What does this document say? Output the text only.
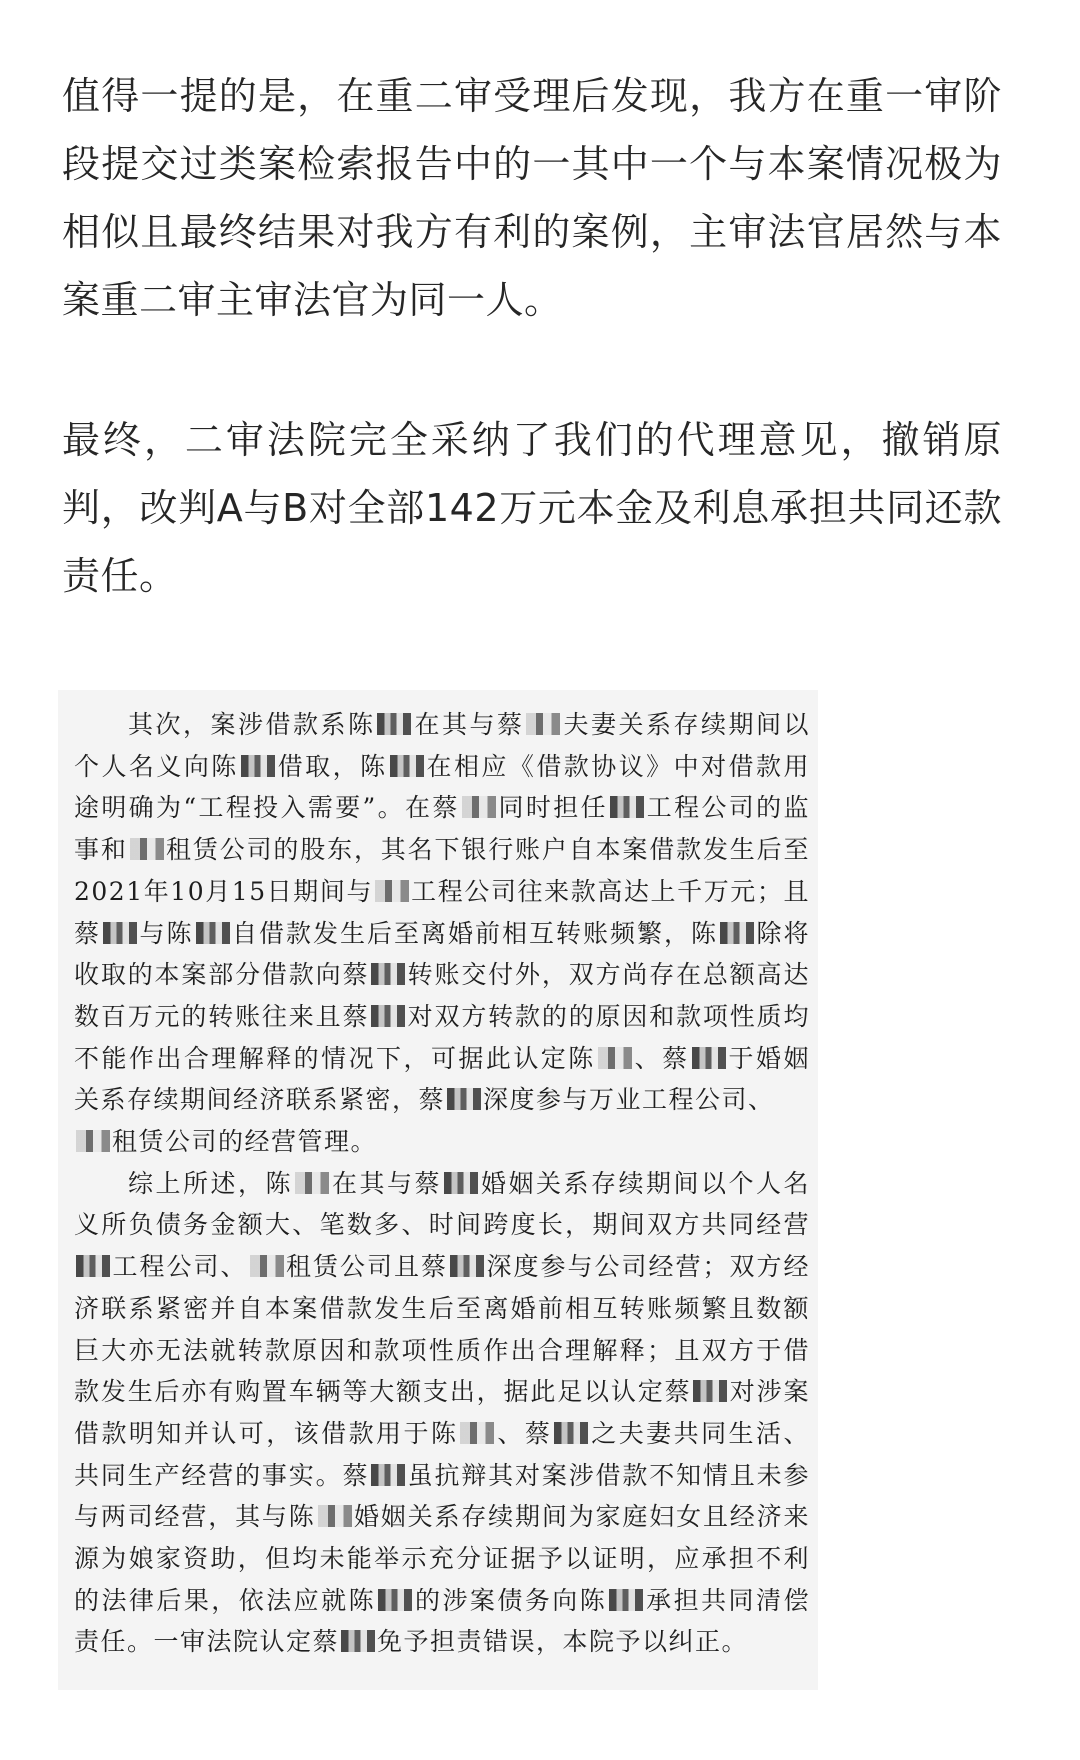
值得一提的是，在重二审受理后发现，我方在重一审阶段提交过类案检索报告中的一其中一个与本案情况极为相似且最终结果对我方有利的案例，主审法官居然与本案重二审主审法官为同一人。

最终，二审法院完全采纳了我们的代理意见，撤销原判，改判A与B对全部142万元本金及利息承担共同还款责任。

其次，案涉借款系陈 在其与蔡 夫妻关系存续期间以个人名义向陈 借取，陈 在相应《借款协议》中对借款用途明确为“工程投入需要”。在蔡 同时担任 工程公司的监事和 租赁公司的股东，其名下银行账户自本案借款发生后至2021年10月15日期间与 工程公司往来款高达上千万元；且蔡 与陈 自借款发生后至离婚前相互转账频繁，陈 除将收取的本案部分借款向蔡 转账交付外，双方尚存在总额高达数百万元的转账往来且蔡 对双方转款的的原因和款项性质均不能作出合理解释的情况下，可据此认定陈 、蔡 于婚姻关系存续期间经济联系紧密，蔡 深度参与万业工程公司、
租赁公司的经营管理。

综上所述，陈 在其与蔡 婚姻关系存续期间以个人名义所负债务金额大、笔数多、时间跨度长，期间双方共同经营工程公司、 租赁公司且蔡 深度参与公司经营；双方经济联系紧密并自本案借款发生后至离婚前相互转账频繁且数额巨大亦无法就转款原因和款项性质作出合理解释；且双方于借款发生后亦有购置车辆等大额支出，据此足以认定蔡 对涉案借款明知并认可，该借款用于陈 、蔡 之夫妻共同生活、共同生产经营的事实。蔡 虽抗辩其对案涉借款不知情且未参与两司经营，其与陈 婚姻关系存续期间为家庭妇女且经济来源为娘家资助，但均未能举示充分证据予以证明，应承担不利的法律后果，依法应就陈 的涉案债务向陈 承担共同清偿责任。一审法院认定蔡 免予担责错误，本院予以纠正。
